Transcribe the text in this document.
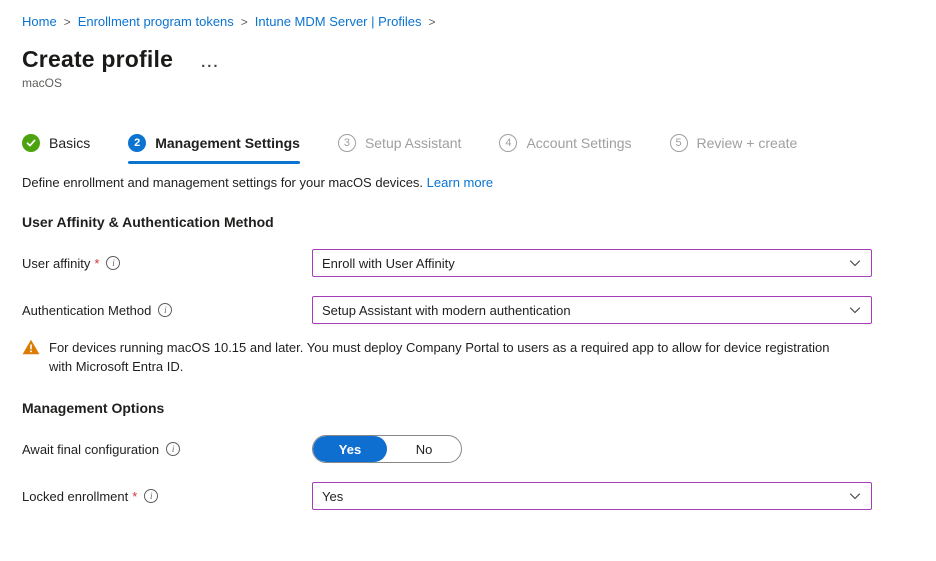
Home > Enrollment program tokens > Intune MDM Server | Profiles >
Create profile ...
macOS
Basics	2	Management Settings	3	Setup Assistant	4	Account Settings	5	Review + create

Define enrollment and management settings for your macOS devices. Learn more

User Affinity & Authentication Method
User affinity *	i	Enroll with User Affinity
Authentication Method	i	Setup Assistant with modern authentication

For devices running macOS 10.15 and later. You must deploy Company Portal to users as a required app to allow for device registration with Microsoft Entra ID.

Management Options
Await final configuration	i	Yes	No
Locked enrollment *	i	Yes
